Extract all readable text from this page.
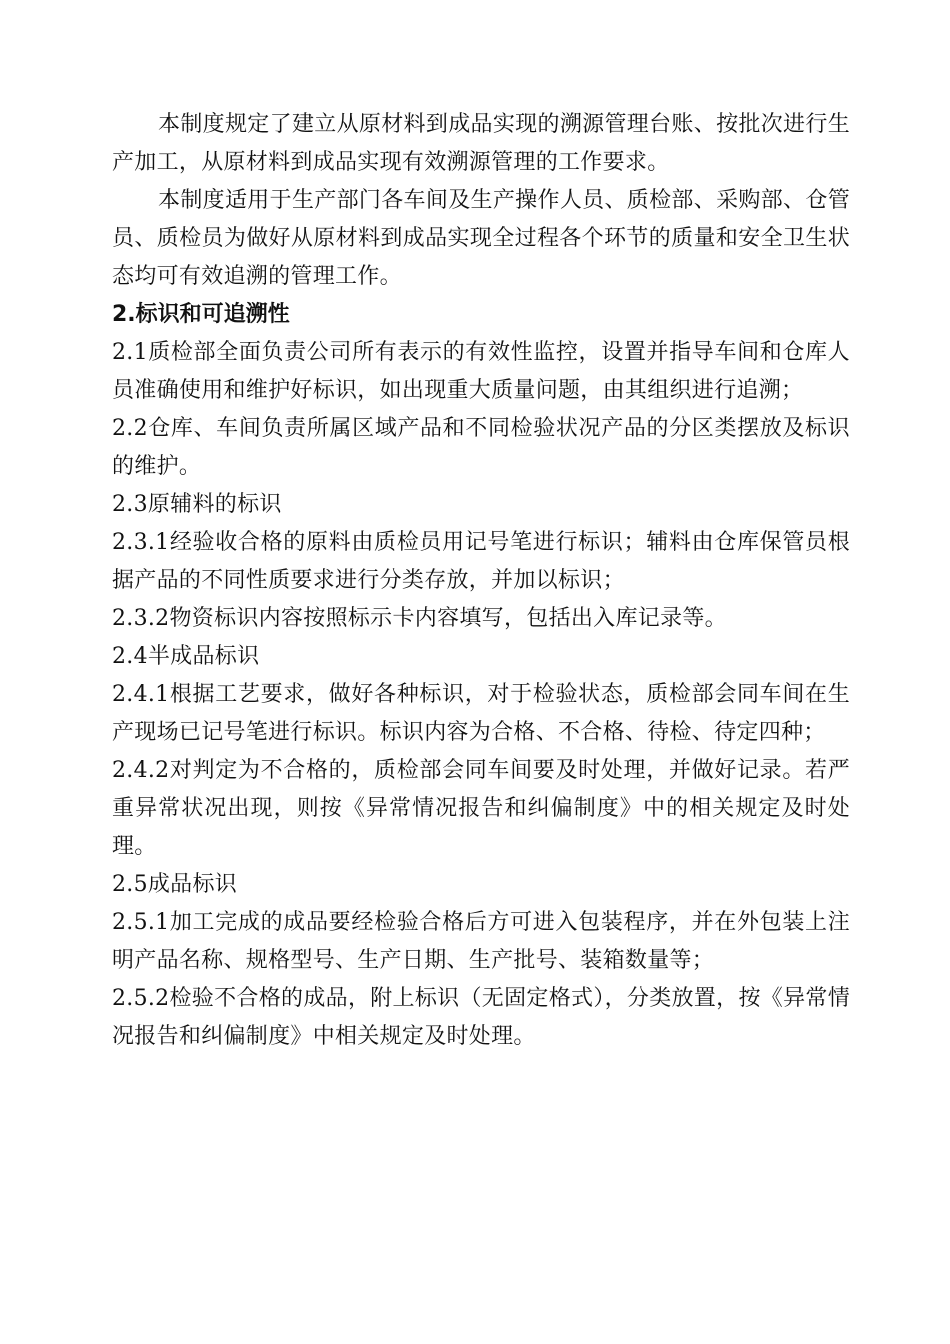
本制度规定了建立从原材料到成品实现的溯源管理台账、按批次进行生产加工，从原材料到成品实现有效溯源管理的工作要求。

本制度适用于生产部门各车间及生产操作人员、质检部、采购部、仓管员、质检员为做好从原材料到成品实现全过程各个环节的质量和安全卫生状态均可有效追溯的管理工作。

2.标识和可追溯性

2.1质检部全面负责公司所有表示的有效性监控，设置并指导车间和仓库人员准确使用和维护好标识，如出现重大质量问题，由其组织进行追溯；

2.2仓库、车间负责所属区域产品和不同检验状况产品的分区类摆放及标识的维护。

2.3原辅料的标识

2.3.1经验收合格的原料由质检员用记号笔进行标识；辅料由仓库保管员根据产品的不同性质要求进行分类存放，并加以标识；

2.3.2物资标识内容按照标示卡内容填写，包括出入库记录等。

2.4半成品标识

2.4.1根据工艺要求，做好各种标识，对于检验状态，质检部会同车间在生产现场已记号笔进行标识。标识内容为合格、不合格、待检、待定四种；

2.4.2对判定为不合格的，质检部会同车间要及时处理，并做好记录。若严重异常状况出现，则按《异常情况报告和纠偏制度》中的相关规定及时处理。

2.5成品标识

2.5.1加工完成的成品要经检验合格后方可进入包装程序，并在外包装上注明产品名称、规格型号、生产日期、生产批号、装箱数量等；

2.5.2检验不合格的成品，附上标识（无固定格式），分类放置，按《异常情况报告和纠偏制度》中相关规定及时处理。
